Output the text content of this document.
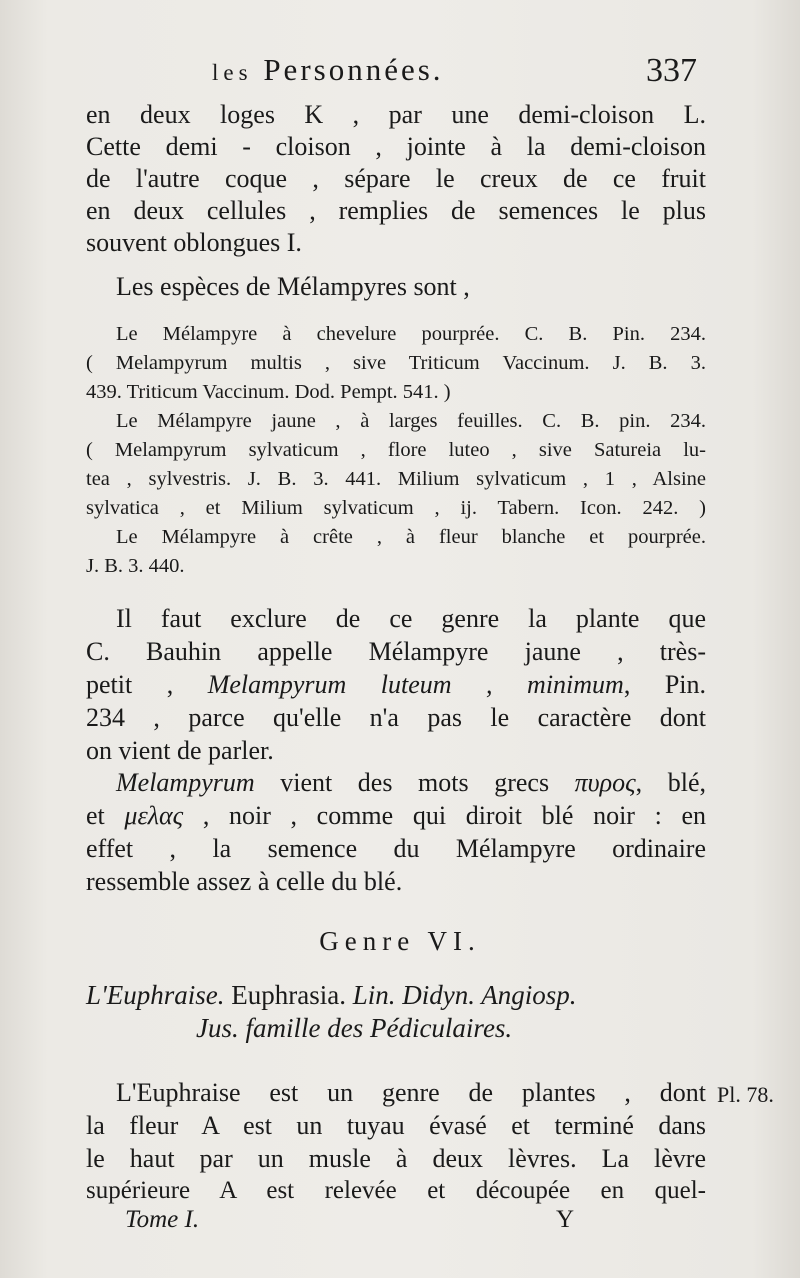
les Personnées.	337
en deux loges K , par une demi-cloison L.
Cette demi - cloison , jointe à la demi-cloison
de l'autre coque , sépare le creux de ce fruit
en deux cellules , remplies de semences le plus
souvent oblongues I.
Les espèces de Mélampyres sont ,
Le Mélampyre à chevelure pourprée. C. B. Pin. 234.
( Melampyrum multis , sive Triticum Vaccinum. J. B. 3.
439. Triticum Vaccinum. Dod. Pempt. 541. )
Le Mélampyre jaune , à larges feuilles. C. B. pin. 234.
( Melampyrum sylvaticum , flore luteo , sive Satureia lu-
tea , sylvestris. J. B. 3. 441. Milium sylvaticum , 1 , Alsine
sylvatica , et Milium sylvaticum , ij. Tabern. Icon. 242. )
Le Mélampyre à crête , à fleur blanche et pourprée.
J. B. 3. 440.
Il faut exclure de ce genre la plante que
C. Bauhin appelle Mélampyre jaune , très-
petit , Melampyrum luteum , minimum, Pin.
234 , parce qu'elle n'a pas le caractère dont
on vient de parler.
Melampyrum vient des mots grecs πυρος, blé,
et μελας , noir , comme qui diroit blé noir : en
effet , la semence du Mélampyre ordinaire
ressemble assez à celle du blé.
Genre VI.
L'Euphraise. Euphrasia. Lin. Didyn. Angiosp.
Jus. famille des Pédiculaires.
L'Euphraise est un genre de plantes , dont Pl. 78.
la fleur A est un tuyau évasé et terminé dans
le haut par un musle à deux lèvres. La lèvre
supérieure A est relevée et découpée en quel-
Tome I.	Y
